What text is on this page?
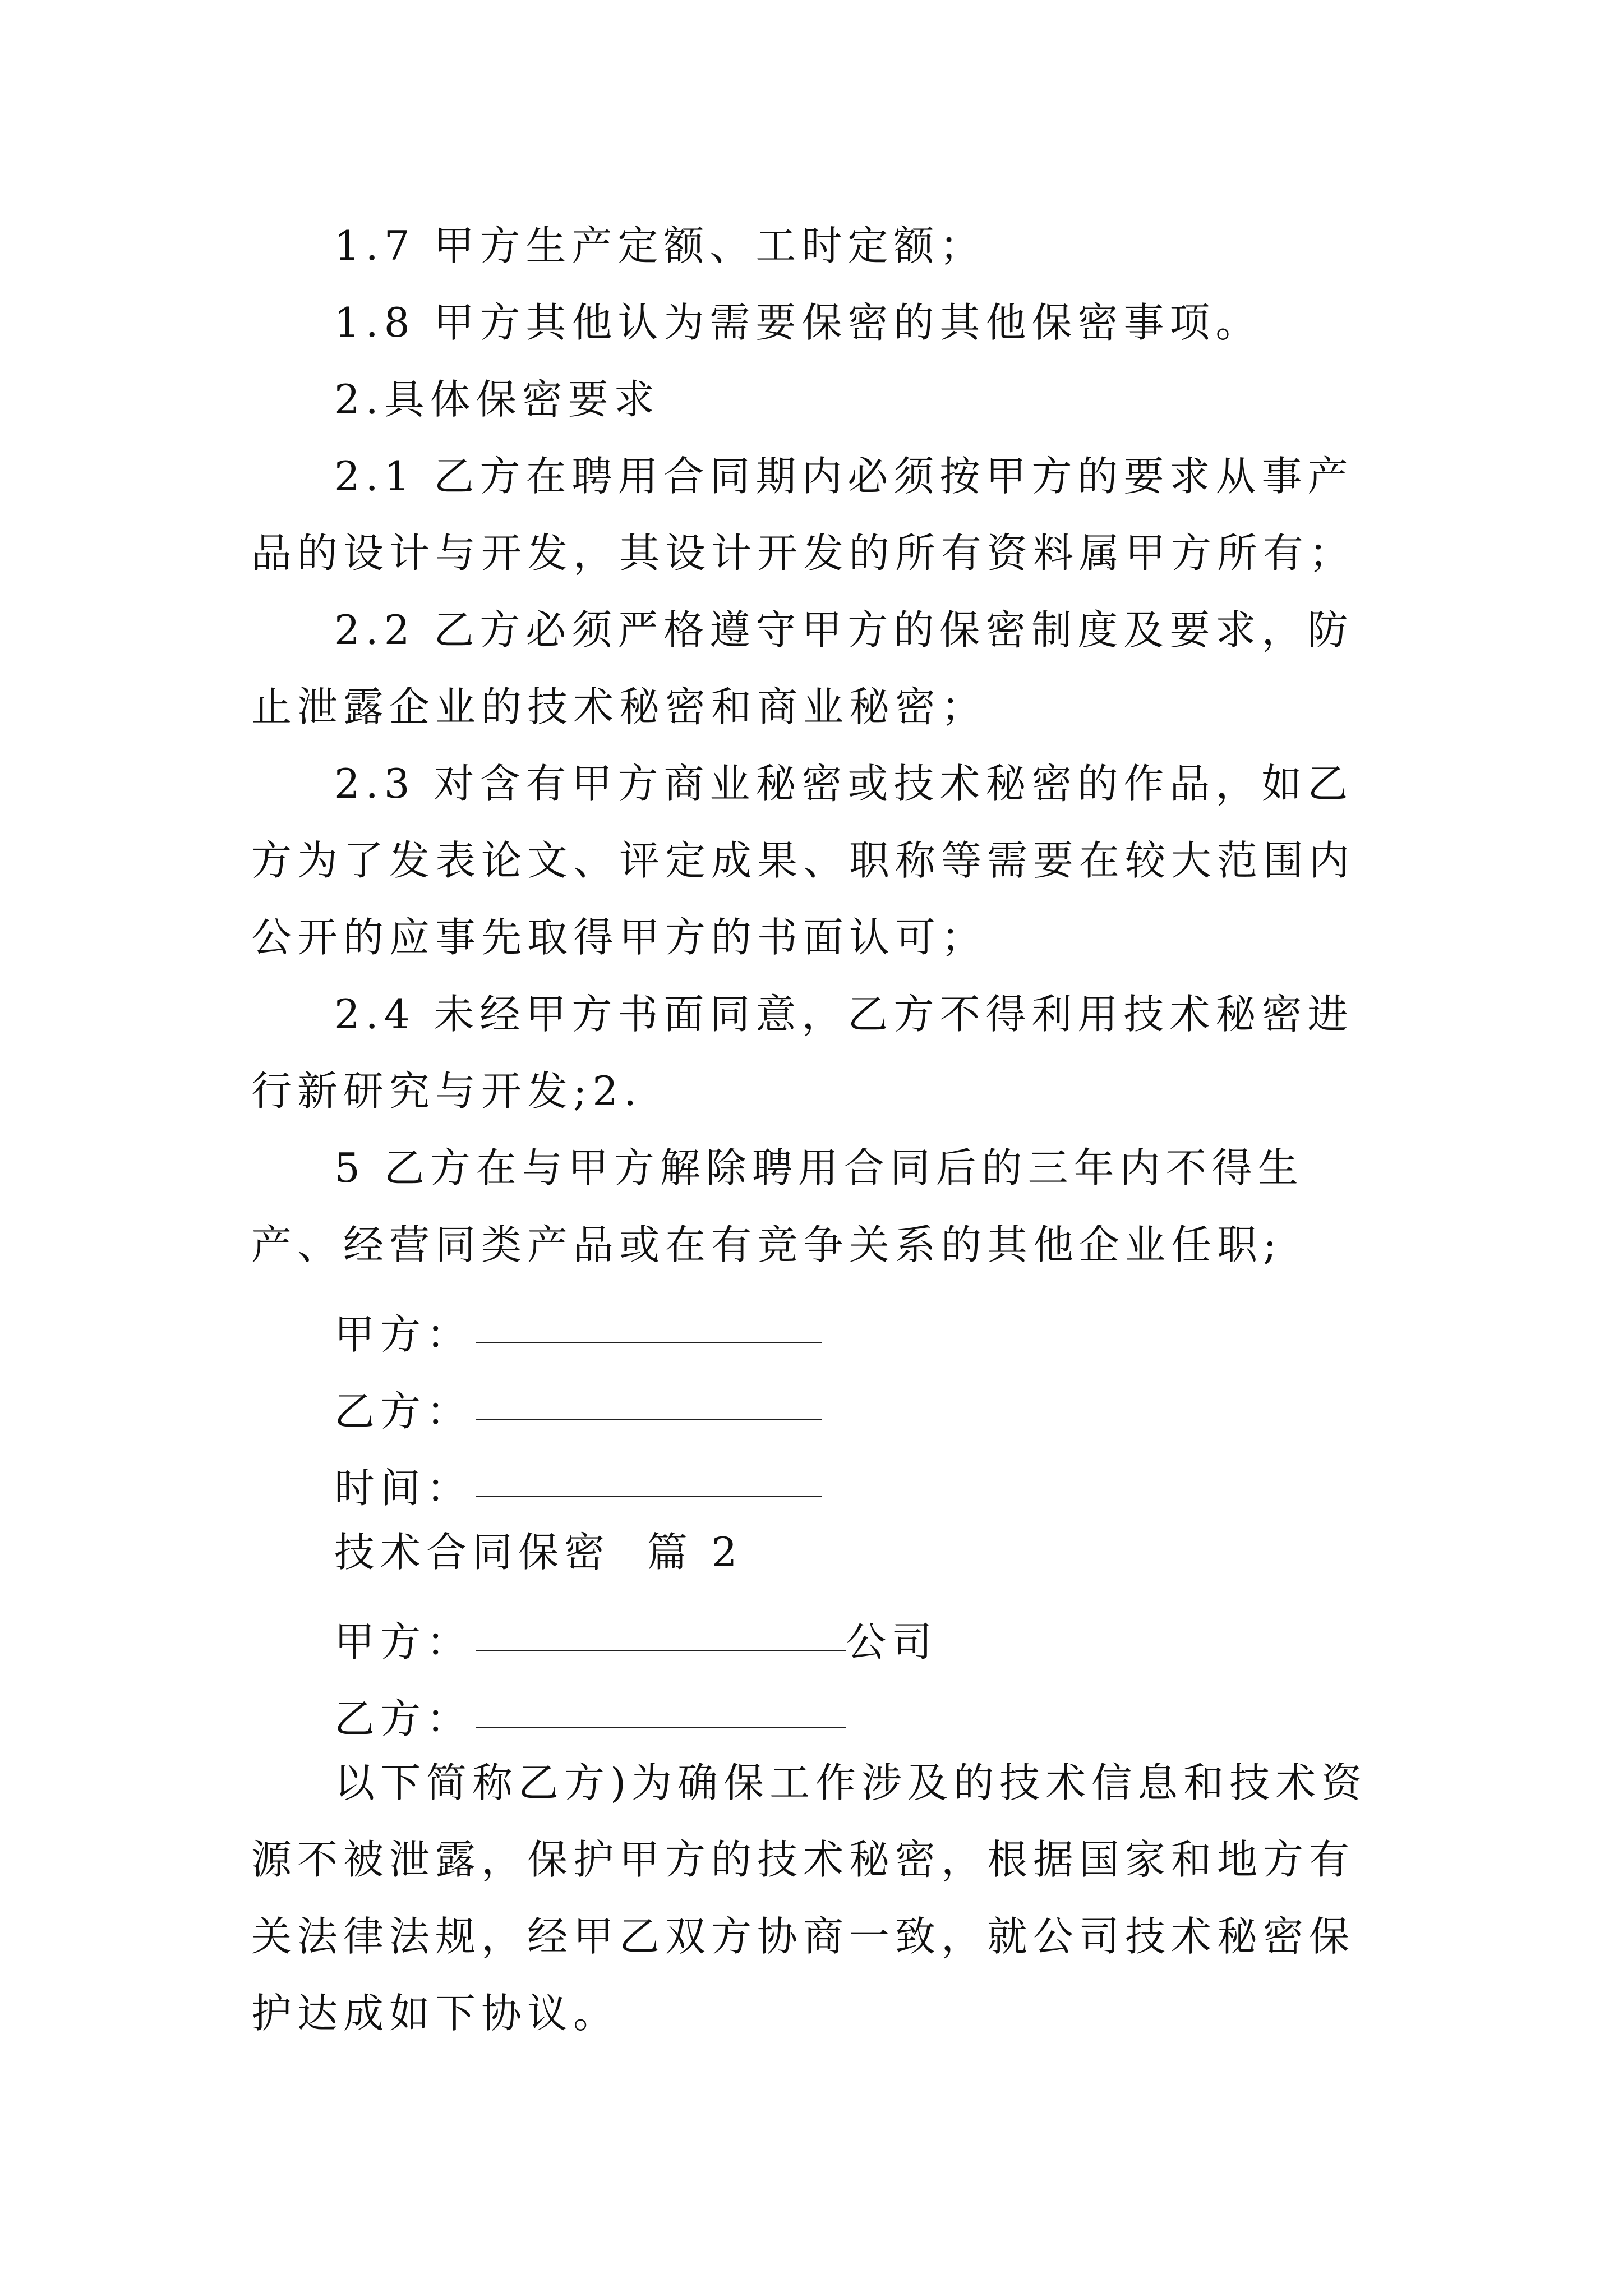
1.7 甲方生产定额、工时定额；

1.8 甲方其他认为需要保密的其他保密事项。

2.具体保密要求

2.1 乙方在聘用合同期内必须按甲方的要求从事产品的设计与开发，其设计开发的所有资料属甲方所有；

2.2 乙方必须严格遵守甲方的保密制度及要求，防止泄露企业的技术秘密和商业秘密；

2.3 对含有甲方商业秘密或技术秘密的作品，如乙方为了发表论文、评定成果、职称等需要在较大范围内公开的应事先取得甲方的书面认可；

2.4 未经甲方书面同意，乙方不得利用技术秘密进行新研究与开发;2.

5 乙方在与甲方解除聘用合同后的三年内不得生产、经营同类产品或在有竞争关系的其他企业任职;

甲方：
乙方：
时间：

技术合同保密  篇 2

甲方：	公司
乙方：

以下简称乙方)为确保工作涉及的技术信息和技术资源不被泄露，保护甲方的技术秘密，根据国家和地方有关法律法规，经甲乙双方协商一致，就公司技术秘密保护达成如下协议。
